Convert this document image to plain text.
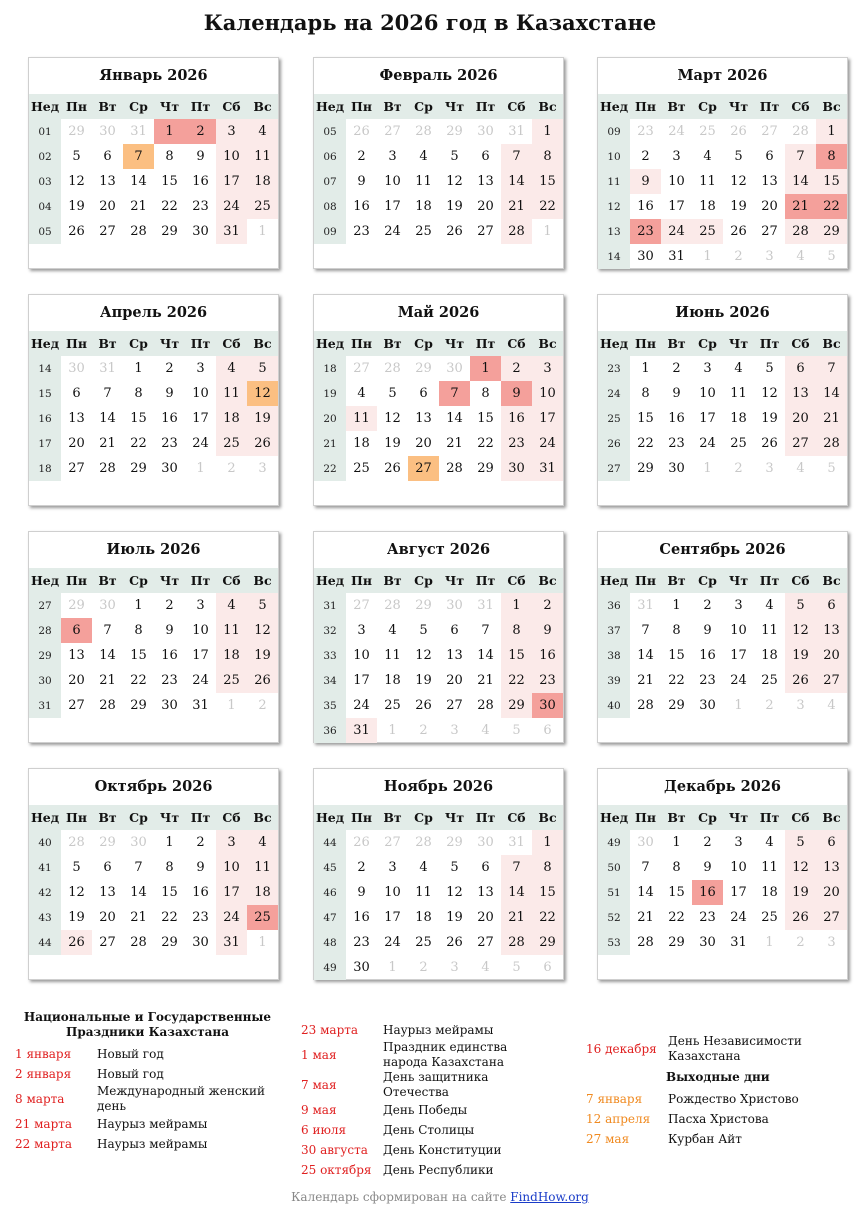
Календарь на 2026 год в Казахстане
Январь 2026
Нед Пн Вт Ср Чт Пт Сб	Вс
01	29	30	31	1	2	3	4
02	5	6	7	8	9	10	11
03	12	13	14	15	16	17	18
04	19	20	21	22	23	24	25
05	26	27	28	29	30	31	1
Февраль 2026
Нед Пн Вт Ср Чт Пт Сб	Вс
05	26	27	28	29	30	31	1
06	2	3	4	5	6	7	8
07	9	10	11	12	13	14	15
08	16	17	18	19	20	21	22
09	23	24	25	26	27	28	1
Март 2026
Нед Пн Вт Ср Чт Пт Сб	Вс
09	23	24	25	26	27	28	1
10	2	3	4	5	6	7	8
11	9	10	11	12	13	14	15
12	16	17	18	19	20	21	22
13	23	24	25	26	27	28	29
14	30	31	1	2	3	4	5
Апрель 2026
Нед Пн Вт Ср Чт Пт Сб	Вс
14	30	31	1	2	3	4	5
15	6	7	8	9	10	11	12
16	13	14	15	16	17	18	19
17	20	21	22	23	24	25	26
18	27	28	29	30	1	2	3
Май 2026
Нед Пн Вт Ср Чт Пт Сб	Вс
18	27	28	29	30	1	2	3
19	4	5	6	7	8	9	10
20	11	12	13	14	15	16	17
21	18	19	20	21	22	23	24
22	25	26	27	28	29	30	31
Июнь 2026
Нед Пн Вт Ср Чт Пт Сб	Вс
23	1	2	3	4	5	6	7
24	8	9	10	11	12	13	14
25	15	16	17	18	19	20	21
26	22	23	24	25	26	27	28
27	29	30	1	2	3	4	5
Июль 2026
Нед Пн Вт Ср Чт Пт Сб	Вс
27	29	30	1	2	3	4	5
28	6	7	8	9	10	11	12
29	13	14	15	16	17	18	19
30	20	21	22	23	24	25	26
31	27	28	29	30	31	1	2
Август 2026
Нед Пн Вт Ср Чт Пт Сб	Вс
31	27	28	29	30	31	1	2
32	3	4	5	6	7	8	9
33	10	11	12	13	14	15	16
34	17	18	19	20	21	22	23
35	24	25	26	27	28	29	30
36	31	1	2	3	4	5	6
Сентябрь 2026
Нед Пн Вт Ср Чт Пт Сб	Вс
36	31	1	2	3	4	5	6
37	7	8	9	10	11	12	13
38	14	15	16	17	18	19	20
39	21	22	23	24	25	26	27
40	28	29	30	1	2	3	4
Октябрь 2026
Нед Пн Вт Ср Чт Пт Сб	Вс
40	28	29	30	1	2	3	4
41	5	6	7	8	9	10	11
42	12	13	14	15	16	17	18
43	19	20	21	22	23	24	25
44	26	27	28	29	30	31	1
Ноябрь 2026
Нед Пн Вт Ср Чт Пт Сб	Вс
44	26	27	28	29	30	31	1
45	2	3	4	5	6	7	8
46	9	10	11	12	13	14	15
47	16	17	18	19	20	21	22
48	23	24	25	26	27	28	29
49	30	1	2	3	4	5	6
Декабрь 2026
Нед Пн Вт Ср Чт Пт Сб	Вс
49	30	1	2	3	4	5	6
50	7	8	9	10	11	12	13
51	14	15	16	17	18	19	20
52	21	22	23	24	25	26	27
53	28	29	30	31	1	2	3
Национальные и Государственные Праздники Казахстана
1 января	Новый год
2 января	Новый год
8 марта
Международный женский день
21 марта	Наурыз мейрамы
22 марта	Наурыз мейрамы
23 марта	Наурыз мейрамы
1 мая
Праздник единства народа Казахстана
7 мая
День защитника Отечества
9 мая	День Победы
6 июля	День Столицы
30 августа	День Конституции
25 октября День Республики
16 декабря
День Независимости Казахстана
Выходные дни
7 января	Рождество Христово
12 апреля	Пасха Христова
27 мая	Курбан Айт
Календарь сформирован на сайте FindHow.org
